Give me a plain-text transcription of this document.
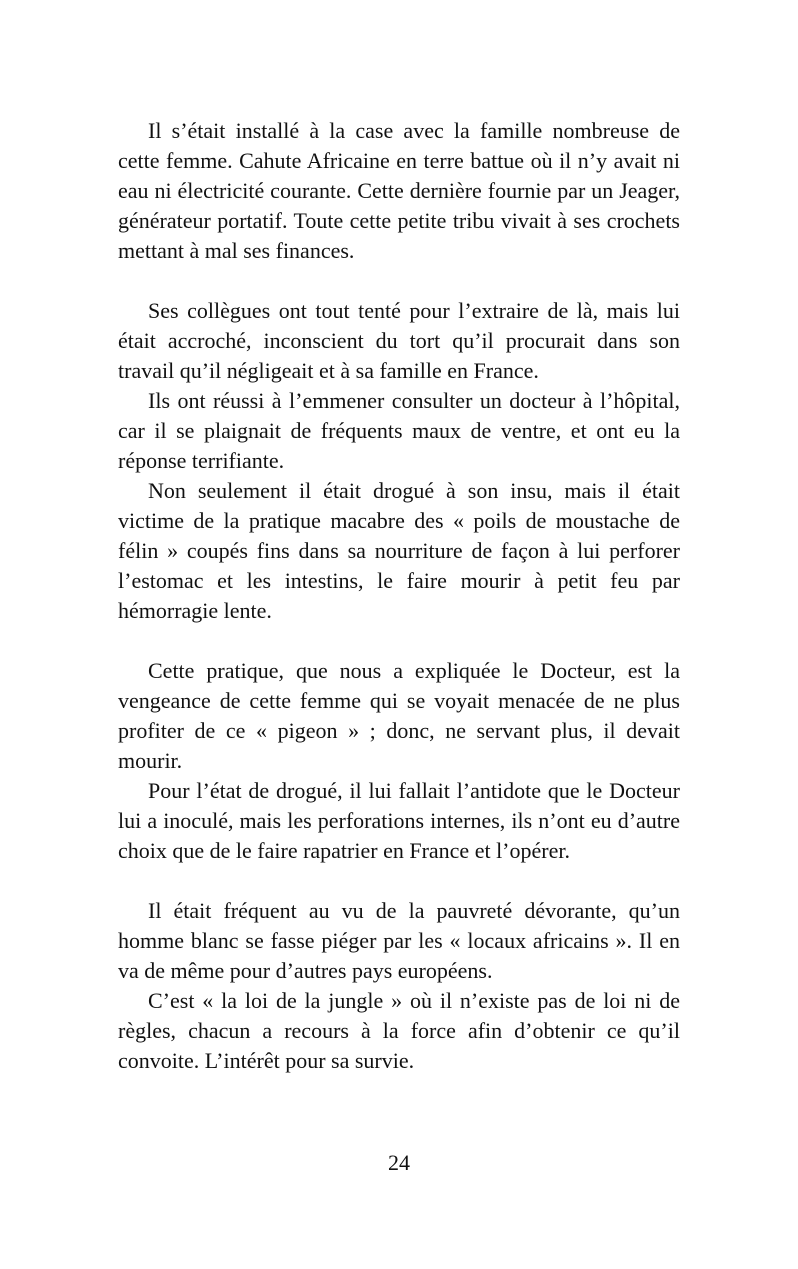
Il s’était installé à la case avec la famille nombreuse de cette femme. Cahute Africaine en terre battue où il n’y avait ni eau ni électricité courante. Cette dernière fournie par un Jeager, générateur portatif. Toute cette petite tribu vivait à ses crochets mettant à mal ses finances.

Ses collègues ont tout tenté pour l’extraire de là, mais lui était accroché, inconscient du tort qu’il procurait dans son travail qu’il négligeait et à sa famille en France.

Ils ont réussi à l’emmener consulter un docteur à l’hôpital, car il se plaignait de fréquents maux de ventre, et ont eu la réponse terrifiante.

Non seulement il était drogué à son insu, mais il était victime de la pratique macabre des « poils de moustache de félin » coupés fins dans sa nourriture de façon à lui perforer l’estomac et les intestins, le faire mourir à petit feu par hémorragie lente.

Cette pratique, que nous a expliquée le Docteur, est la vengeance de cette femme qui se voyait menacée de ne plus profiter de ce « pigeon » ; donc, ne servant plus, il devait mourir.

Pour l’état de drogué, il lui fallait l’antidote que le Docteur lui a inoculé, mais les perforations internes, ils n’ont eu d’autre choix que de le faire rapatrier en France et l’opérer.

Il était fréquent au vu de la pauvreté dévorante, qu’un homme blanc se fasse piéger par les « locaux africains ». Il en va de même pour d’autres pays européens.

C’est « la loi de la jungle » où il n’existe pas de loi ni de règles, chacun a recours à la force afin d’obtenir ce qu’il convoite. L’intérêt pour sa survie.

24
